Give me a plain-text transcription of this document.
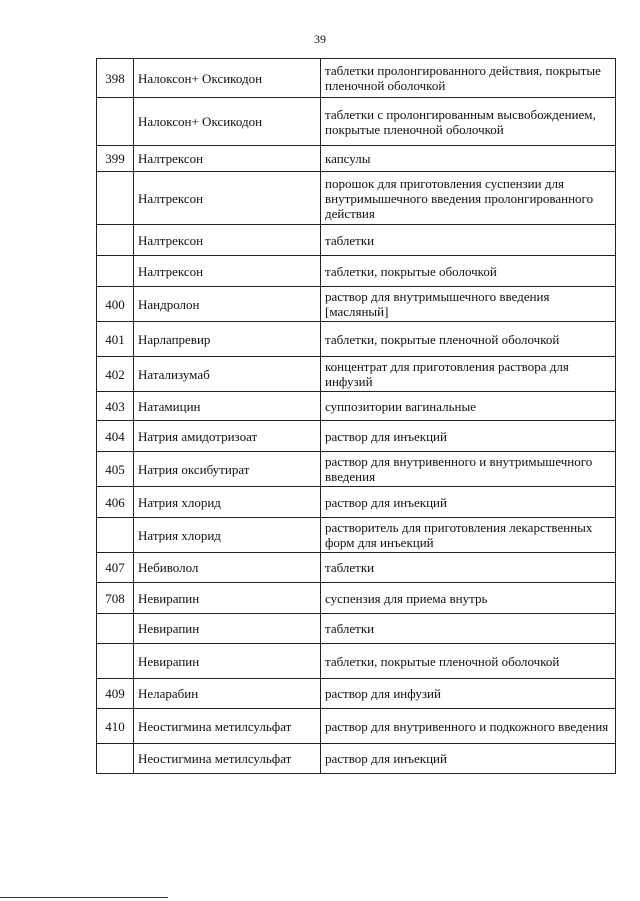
39
398	Налоксон+ Оксикодон	таблетки пролонгированного действия, покрытые пленочной оболочкой
	Налоксон+ Оксикодон	таблетки с пролонгированным высвобождением, покрытые пленочной оболочкой
399	Налтрексон	капсулы
	Налтрексон	порошок для приготовления суспензии для внутримышечного введения пролонгированного действия
	Налтрексон	таблетки
	Налтрексон	таблетки, покрытые оболочкой
400	Нандролон	раствор для внутримышечного введения [масляный]
401	Нарлапревир	таблетки, покрытые пленочной оболочкой
402	Натализумаб	концентрат для приготовления раствора для инфузий
403	Натамицин	суппозитории вагинальные
404	Натрия амидотризоат	раствор для инъекций
405	Натрия оксибутират	раствор для внутривенного и внутримышечного введения
406	Натрия хлорид	раствор для инъекций
	Натрия хлорид	растворитель для приготовления лекарственных форм для инъекций
407	Небиволол	таблетки
708	Невирапин	суспензия для приема внутрь
	Невирапин	таблетки
	Невирапин	таблетки, покрытые пленочной оболочкой
409	Неларабин	раствор для инфузий
410	Неостигмина метилсульфат	раствор для внутривенного и подкожного введения
	Неостигмина метилсульфат	раствор для инъекций
